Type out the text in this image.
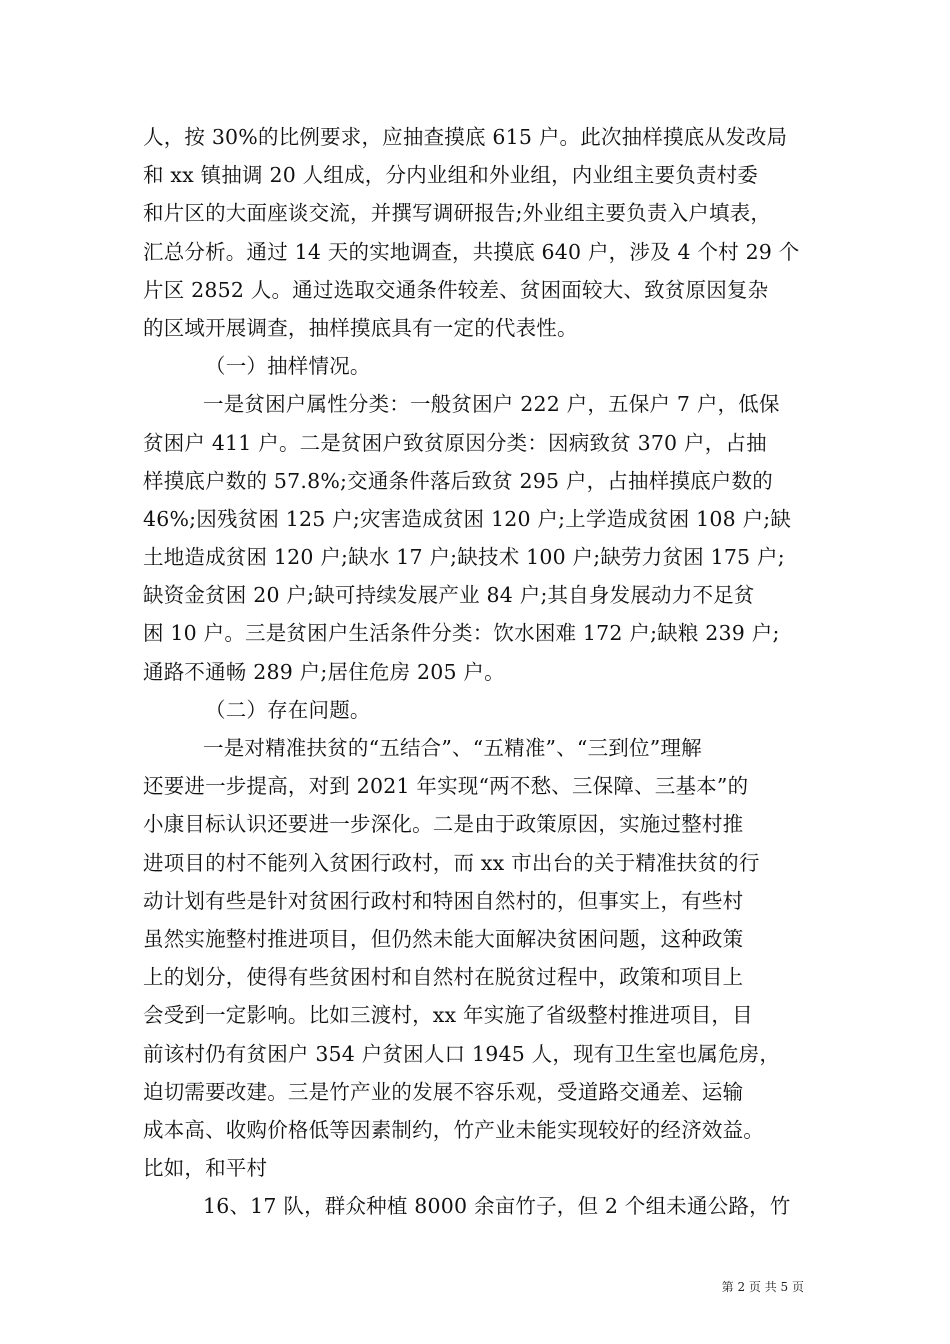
人，按 30%的比例要求，应抽查摸底 615 户。此次抽样摸底从发改局
和 xx 镇抽调 20 人组成，分内业组和外业组，内业组主要负责村委
和片区的大面座谈交流，并撰写调研报告;外业组主要负责入户填表，
汇总分析。通过 14 天的实地调查，共摸底 640 户，涉及 4 个村 29 个
片区 2852 人。通过选取交通条件较差、贫困面较大、致贫原因复杂
的区域开展调查，抽样摸底具有一定的代表性。
（一）抽样情况。
一是贫困户属性分类：一般贫困户 222 户，五保户 7 户，低保
贫困户 411 户。二是贫困户致贫原因分类：因病致贫 370 户，占抽
样摸底户数的 57.8%;交通条件落后致贫 295 户，占抽样摸底户数的
46%;因残贫困 125 户;灾害造成贫困 120 户;上学造成贫困 108 户;缺
土地造成贫困 120 户;缺水 17 户;缺技术 100 户;缺劳力贫困 175 户;
缺资金贫困 20 户;缺可持续发展产业 84 户;其自身发展动力不足贫
困 10 户。三是贫困户生活条件分类：饮水困难 172 户;缺粮 239 户;
通路不通畅 289 户;居住危房 205 户。
（二）存在问题。
一是对精准扶贫的“五结合”、“五精准”、“三到位”理解
还要进一步提高，对到 2021 年实现“两不愁、三保障、三基本”的
小康目标认识还要进一步深化。二是由于政策原因，实施过整村推
进项目的村不能列入贫困行政村，而 xx 市出台的关于精准扶贫的行
动计划有些是针对贫困行政村和特困自然村的，但事实上，有些村
虽然实施整村推进项目，但仍然未能大面解决贫困问题，这种政策
上的划分，使得有些贫困村和自然村在脱贫过程中，政策和项目上
会受到一定影响。比如三渡村，xx 年实施了省级整村推进项目，目
前该村仍有贫困户 354 户贫困人口 1945 人，现有卫生室也属危房，
迫切需要改建。三是竹产业的发展不容乐观，受道路交通差、运输
成本高、收购价格低等因素制约，竹产业未能实现较好的经济效益。
比如，和平村
16、17 队，群众种植 8000 余亩竹子，但 2 个组未通公路，竹
第 2 页 共 5 页
